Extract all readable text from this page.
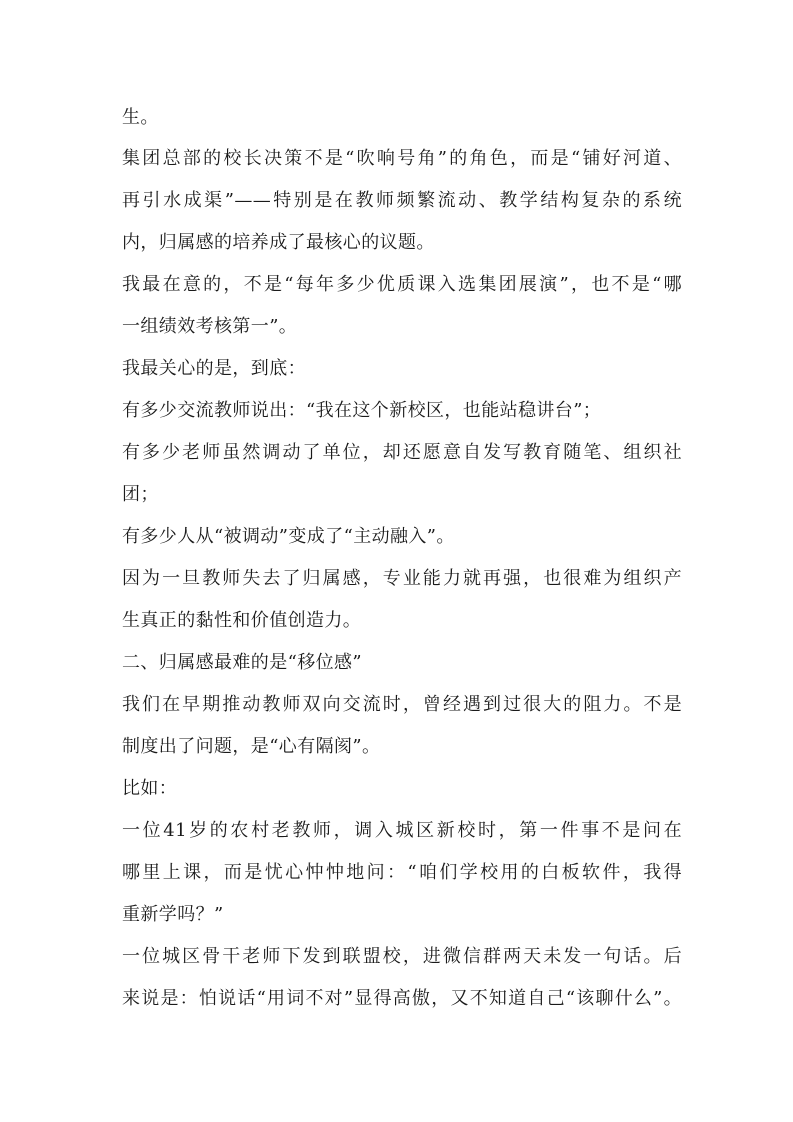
生。
集团总部的校长决策不是“吹响号角”的角色，而是“铺好河道、
再引水成渠”——特别是在教师频繁流动、教学结构复杂的系统
内，归属感的培养成了最核心的议题。
我最在意的，不是“每年多少优质课入选集团展演”，也不是“哪
一组绩效考核第一”。
我最关心的是，到底：
有多少交流教师说出：“我在这个新校区，也能站稳讲台”；
有多少老师虽然调动了单位，却还愿意自发写教育随笔、组织社
团；
有多少人从“被调动”变成了“主动融入”。
因为一旦教师失去了归属感，专业能力就再强，也很难为组织产
生真正的黏性和价值创造力。
二、归属感最难的是“移位感”
我们在早期推动教师双向交流时，曾经遇到过很大的阻力。不是
制度出了问题，是“心有隔阂”。
比如：
一位41岁的农村老教师，调入城区新校时，第一件事不是问在
哪里上课，而是忧心忡忡地问：“咱们学校用的白板软件，我得
重新学吗？”
一位城区骨干老师下发到联盟校，进微信群两天未发一句话。后
来说是：怕说话“用词不对”显得高傲，又不知道自己“该聊什么”。
